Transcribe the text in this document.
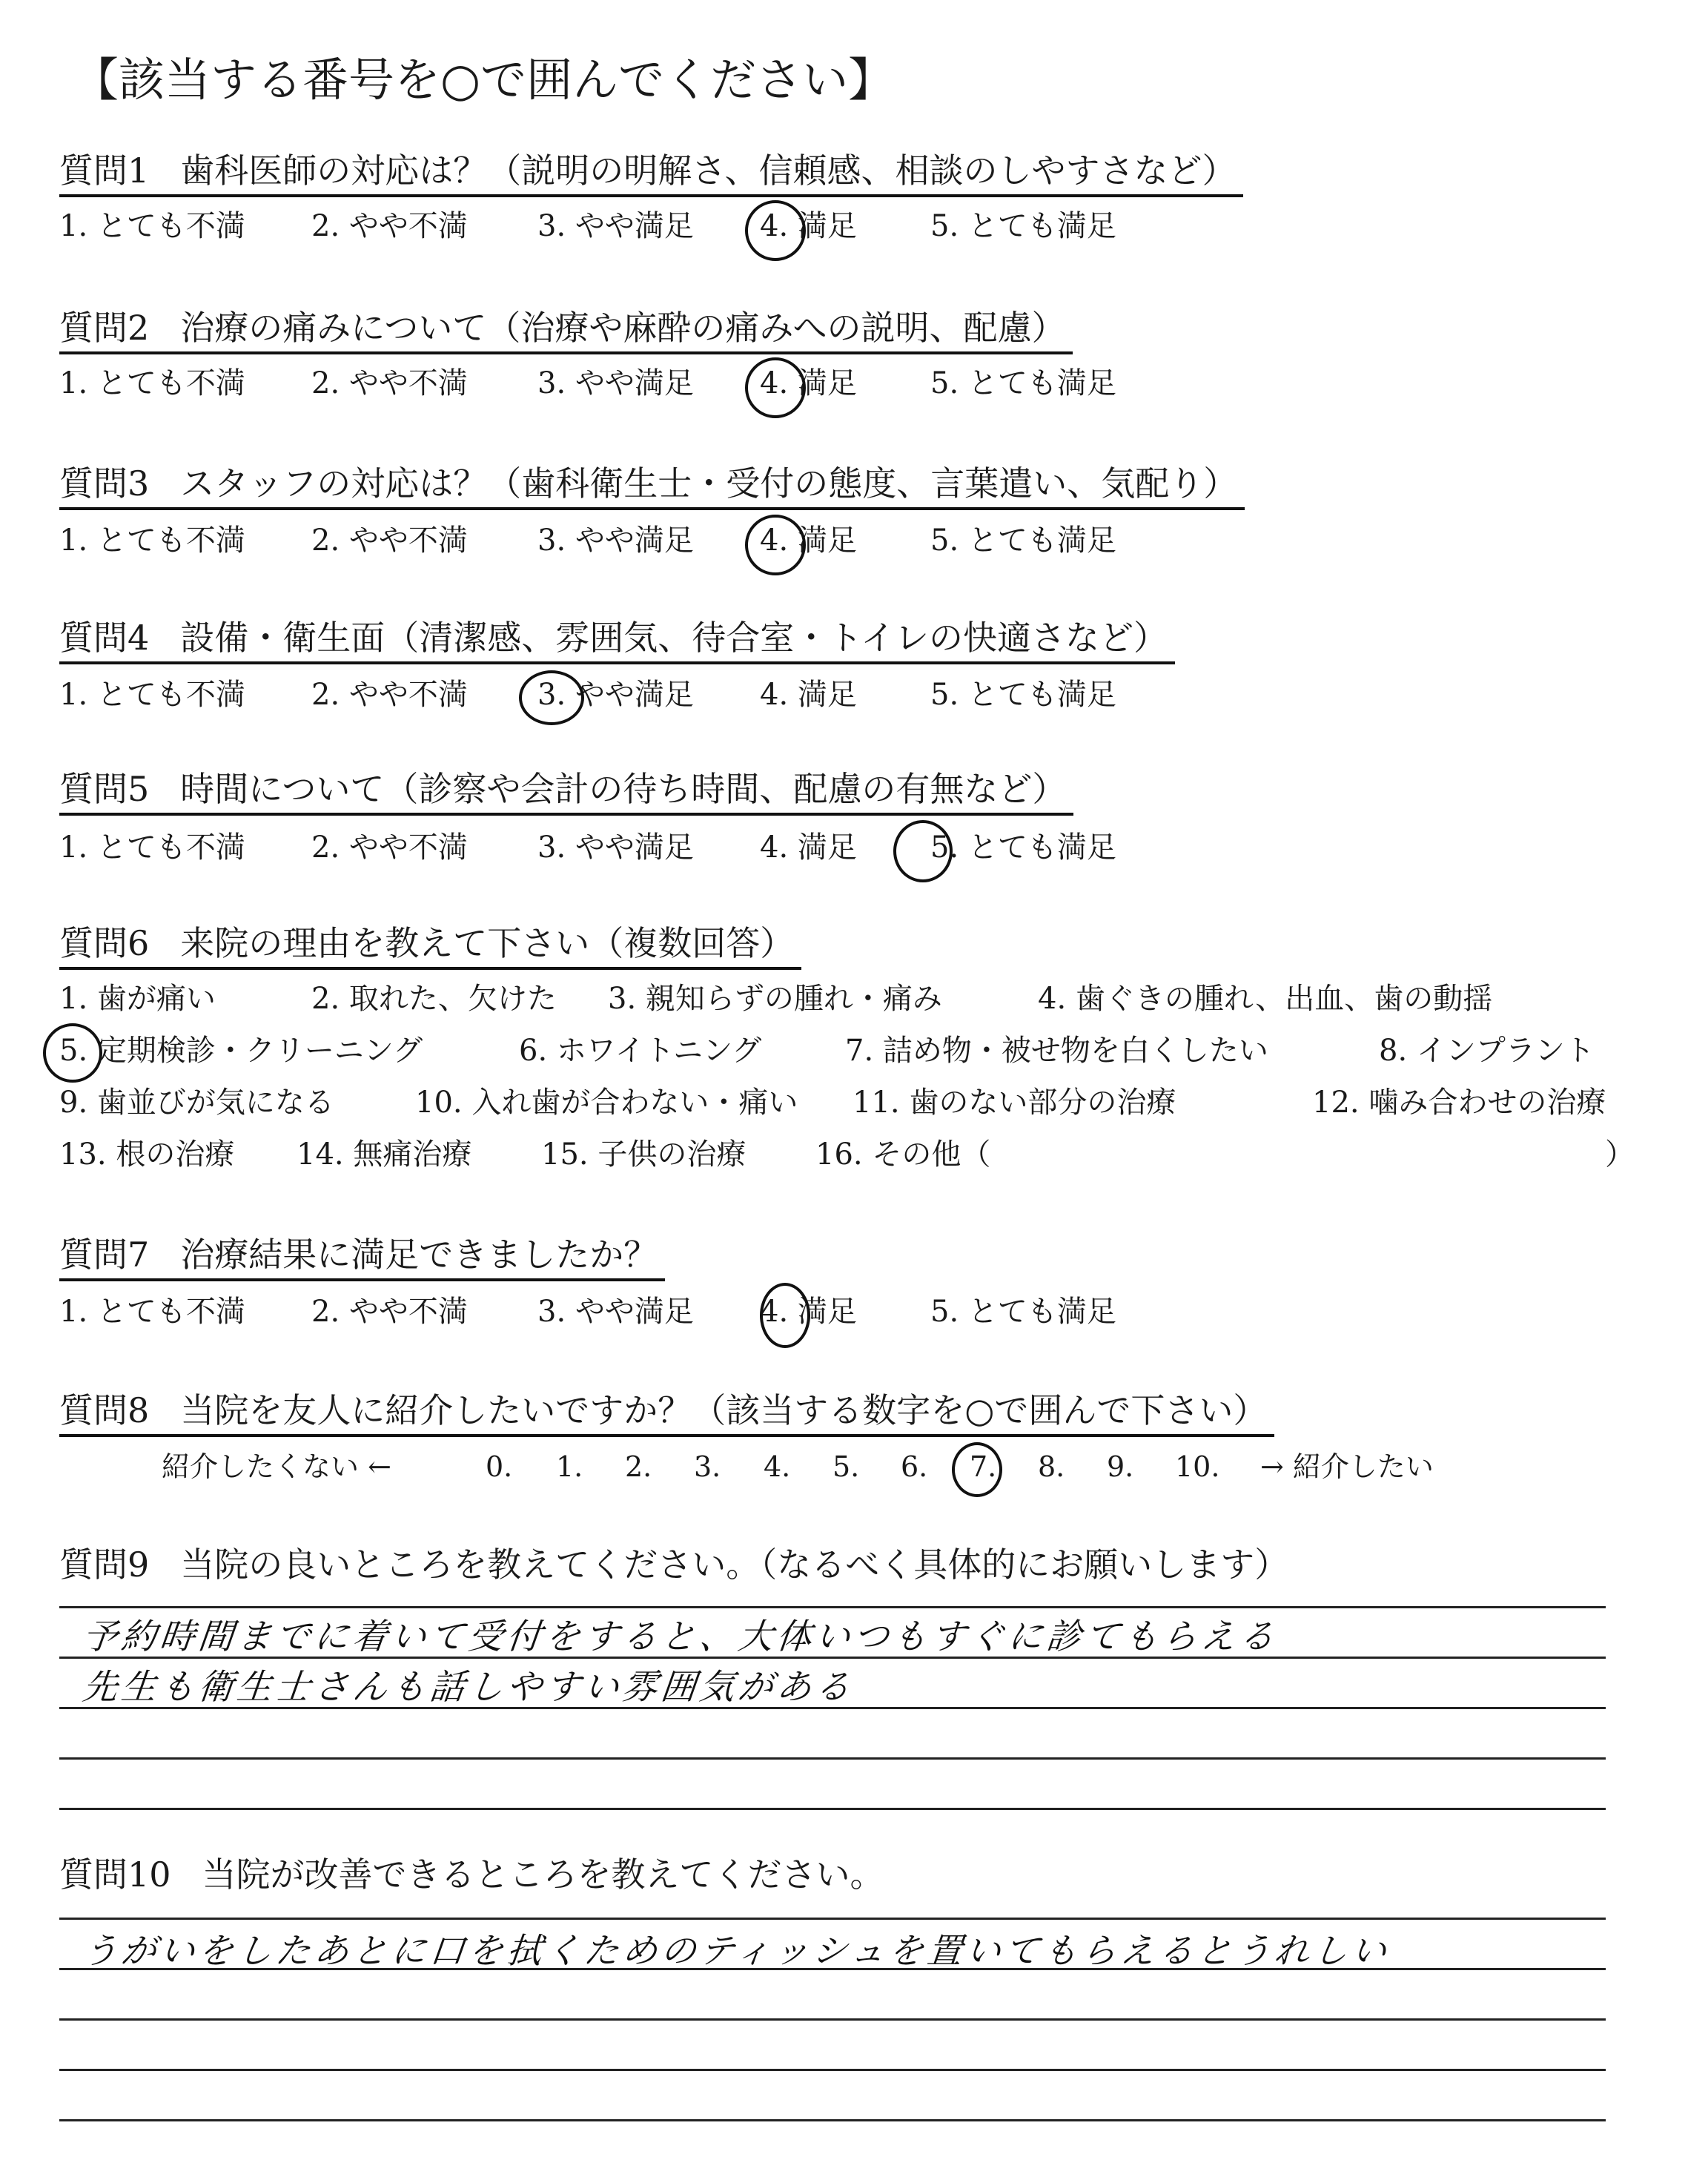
【該当する番号を○で囲んでください】
質問1 歯科医師の対応は？（説明の明解さ、信頼感、相談のしやすさなど）
1. とても不満 2. やや不満 3. やや満足 4. 満足 5. とても満足
質問2 治療の痛みについて（治療や麻酔の痛みへの説明、配慮）
1. とても不満 2. やや不満 3. やや満足 4. 満足 5. とても満足
質問3 スタッフの対応は？（歯科衛生士・受付の態度、言葉遣い、気配り）
1. とても不満 2. やや不満 3. やや満足 4. 満足 5. とても満足
質問4 設備・衛生面（清潔感、雰囲気、待合室・トイレの快適さなど）
1. とても不満 2. やや不満 3. やや満足 4. 満足 5. とても満足
質問5 時間について（診察や会計の待ち時間、配慮の有無など）
1. とても不満 2. やや不満 3. やや満足 4. 満足 5. とても満足
質問6 来院の理由を教えて下さい（複数回答）
1. 歯が痛い	2. 取れた、欠けた 3. 親知らずの腫れ・痛み	4. 歯ぐきの腫れ、出血、歯の動揺
5. 定期検診・クリーニング	6. ホワイトニング	7. 詰め物・被せ物を白くしたい	8. インプラント
9. 歯並びが気になる	10. 入れ歯が合わない・痛い 11. 歯のない部分の治療	12. 噛み合わせの治療
13. 根の治療 14. 無痛治療 15. 子供の治療 16. その他（	）
質問7 治療結果に満足できましたか？
1. とても不満 2. やや不満 3. やや満足 4. 満足 5. とても満足
質問8 当院を友人に紹介したいですか？（該当する数字を○で囲んで下さい）
紹介したくない ←	0. 1. 2. 3. 4. 5. 6. 7. 8. 9. 10. → 紹介したい
質問9 当院の良いところを教えてください。（なるべく具体的にお願いします）
予約時間までに着いて受付をすると、大体いつもすぐに診てもらえる
先生も衛生士さんも話しやすい雰囲気がある
質問10 当院が改善できるところを教えてください。
うがいをしたあとに口を拭くためのティッシュを置いてもらえるとうれしい
